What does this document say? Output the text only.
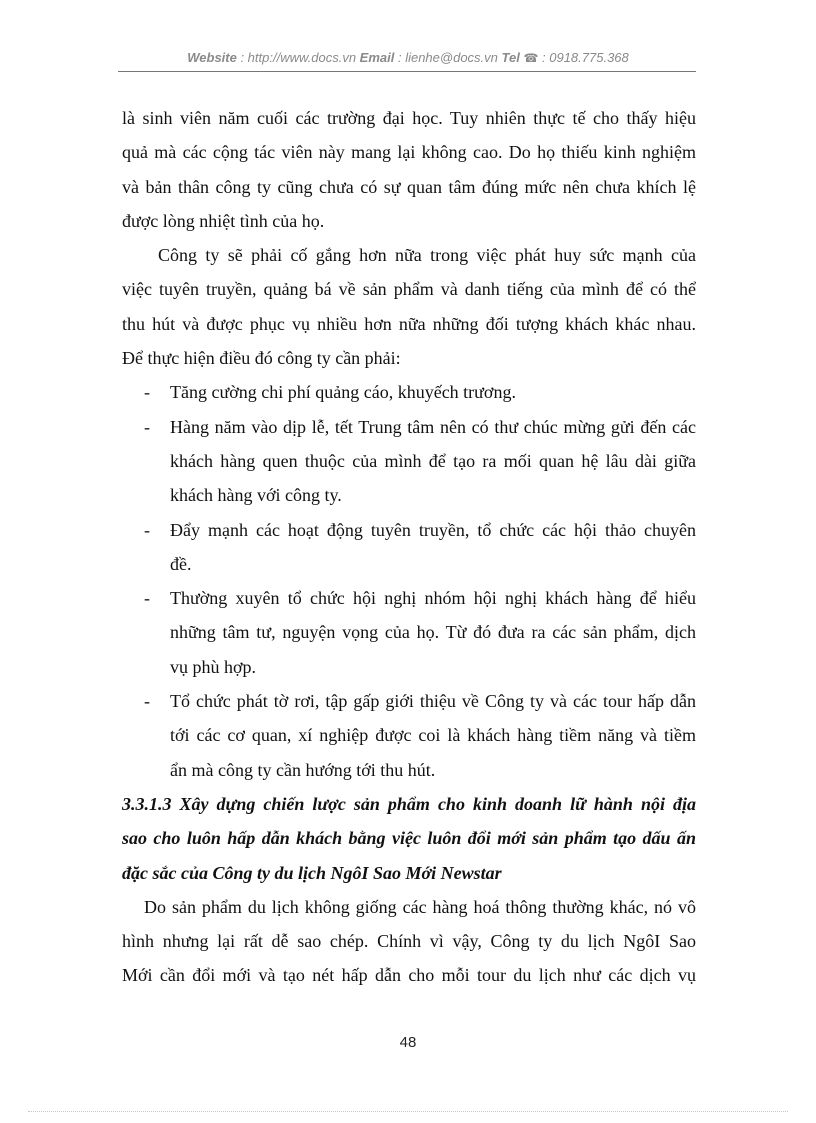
Website : http://www.docs.vn Email : lienhe@docs.vn Tel ☎ : 0918.775.368
là sinh viên năm cuối các trường đại học. Tuy nhiên thực tế cho thấy hiệu
quả mà các cộng tác viên này mang lại không cao. Do họ thiếu kinh nghiệm
và bản thân công ty cũng chưa có sự quan tâm đúng mức nên chưa khích lệ
được lòng nhiệt tình của họ.
Công ty sẽ phải cố gắng hơn nữa trong việc phát huy sức mạnh của
việc tuyên truyền, quảng bá về sản phẩm và danh tiếng của mình để có thể
thu hút và được phục vụ nhiều hơn nữa những đối tượng khách khác nhau.
Để thực hiện điều đó công ty cần phải:
- Tăng cường chi phí quảng cáo, khuyếch trương.
- Hàng năm vào dịp lễ, tết Trung tâm nên có thư chúc mừng gửi đến các
khách hàng quen thuộc của mình để tạo ra mối quan hệ lâu dài giữa
khách hàng với công ty.
- Đẩy mạnh các hoạt động tuyên truyền, tổ chức các hội thảo chuyên
đề.
- Thường xuyên tổ chức hội nghị nhóm hội nghị khách hàng để hiểu
những tâm tư, nguyện vọng của họ. Từ đó đưa ra các sản phẩm, dịch
vụ phù hợp.
- Tổ chức phát tờ rơi, tập gấp giới thiệu về Công ty và các tour hấp dẫn
tới các cơ quan, xí nghiệp được coi là khách hàng tiềm năng và tiềm
ẩn mà công ty cần hướng tới thu hút.
3.3.1.3 Xây dựng chiến lược sản phẩm cho kinh doanh lữ hành nội địa
sao cho luôn hấp dẫn khách bằng việc luôn đổi mới sản phẩm tạo dấu ấn
đặc sắc của Công ty du lịch NgôI Sao Mới Newstar
Do sản phẩm du lịch không giống các hàng hoá thông thường khác, nó vô
hình nhưng lại rất dễ sao chép. Chính vì vậy, Công ty du lịch NgôI Sao
Mới cần đổi mới và tạo nét hấp dẫn cho mỗi tour du lịch như các dịch vụ
48
